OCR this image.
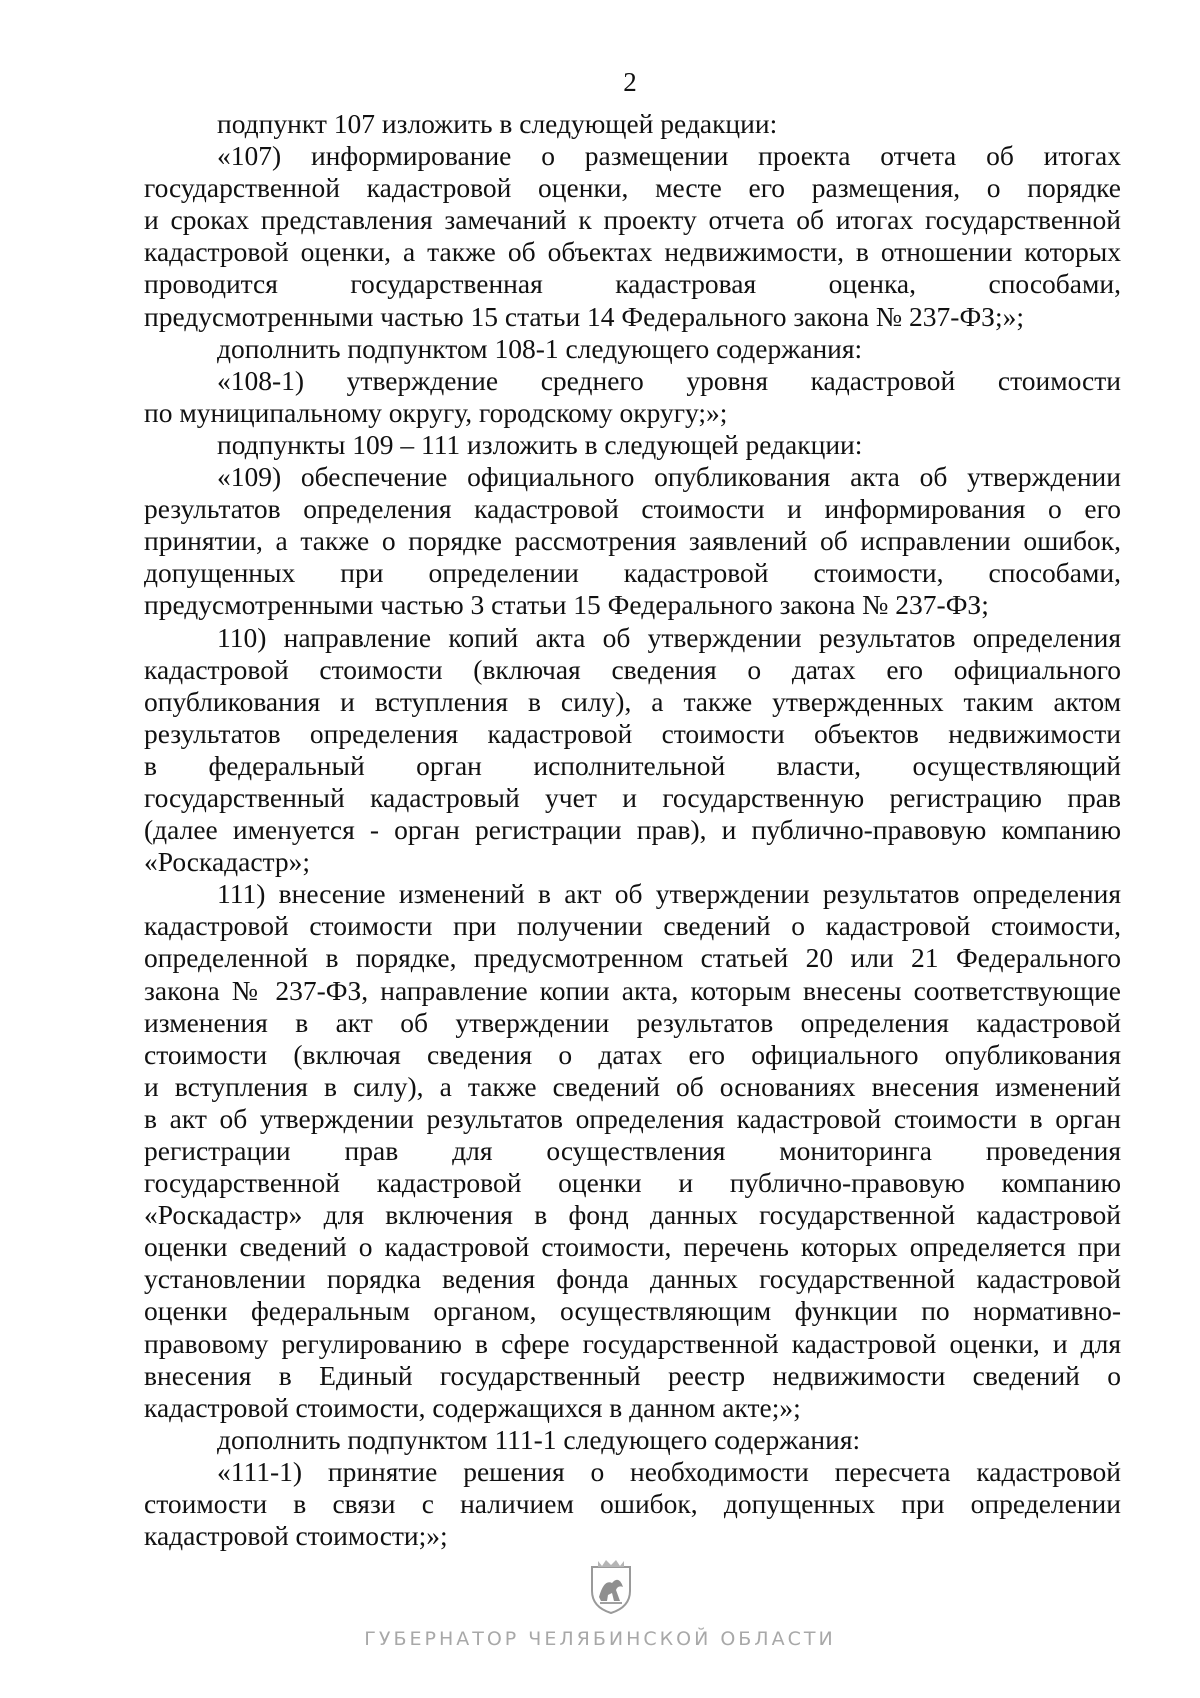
2

подпункт 107 изложить в следующей редакции:

«107) информирование о размещении проекта отчета об итогах
государственной кадастровой оценки, месте его размещения, о порядке
и сроках представления замечаний к проекту отчета об итогах государственной
кадастровой оценки, а также об объектах недвижимости, в отношении которых
проводится государственная кадастровая оценка, способами,
предусмотренными частью 15 статьи 14 Федерального закона № 237-ФЗ;»;

дополнить подпунктом 108-1 следующего содержания:

«108-1) утверждение среднего уровня кадастровой стоимости
по муниципальному округу, городскому округу;»;

подпункты 109 – 111 изложить в следующей редакции:

«109) обеспечение официального опубликования акта об утверждении
результатов определения кадастровой стоимости и информирования о его
принятии, а также о порядке рассмотрения заявлений об исправлении ошибок,
допущенных при определении кадастровой стоимости, способами,
предусмотренными частью 3 статьи 15 Федерального закона № 237-ФЗ;

110) направление копий акта об утверждении результатов определения
кадастровой стоимости (включая сведения о датах его официального
опубликования и вступления в силу), а также утвержденных таким актом
результатов определения кадастровой стоимости объектов недвижимости
в федеральный орган исполнительной власти, осуществляющий
государственный кадастровый учет и государственную регистрацию прав
(далее именуется - орган регистрации прав), и публично-правовую компанию
«Роскадастр»;

111) внесение изменений в акт об утверждении результатов определения
кадастровой стоимости при получении сведений о кадастровой стоимости,
определенной в порядке, предусмотренном статьей 20 или 21 Федерального
закона № 237-ФЗ, направление копии акта, которым внесены соответствующие
изменения в акт об утверждении результатов определения кадастровой
стоимости (включая сведения о датах его официального опубликования
и вступления в силу), а также сведений об основаниях внесения изменений
в акт об утверждении результатов определения кадастровой стоимости в орган
регистрации прав для осуществления мониторинга проведения
государственной кадастровой оценки и публично-правовую компанию
«Роскадастр» для включения в фонд данных государственной кадастровой
оценки сведений о кадастровой стоимости, перечень которых определяется при
установлении порядка ведения фонда данных государственной кадастровой
оценки федеральным органом, осуществляющим функции по нормативно-
правовому регулированию в сфере государственной кадастровой оценки, и для
внесения в Единый государственный реестр недвижимости сведений о
кадастровой стоимости, содержащихся в данном акте;»;

дополнить подпунктом 111-1 следующего содержания:

«111-1) принятие решения о необходимости пересчета кадастровой
стоимости в связи с наличием ошибок, допущенных при определении
кадастровой стоимости;»;

ГУБЕРНАТОР ЧЕЛЯБИНСКОЙ ОБЛАСТИ
